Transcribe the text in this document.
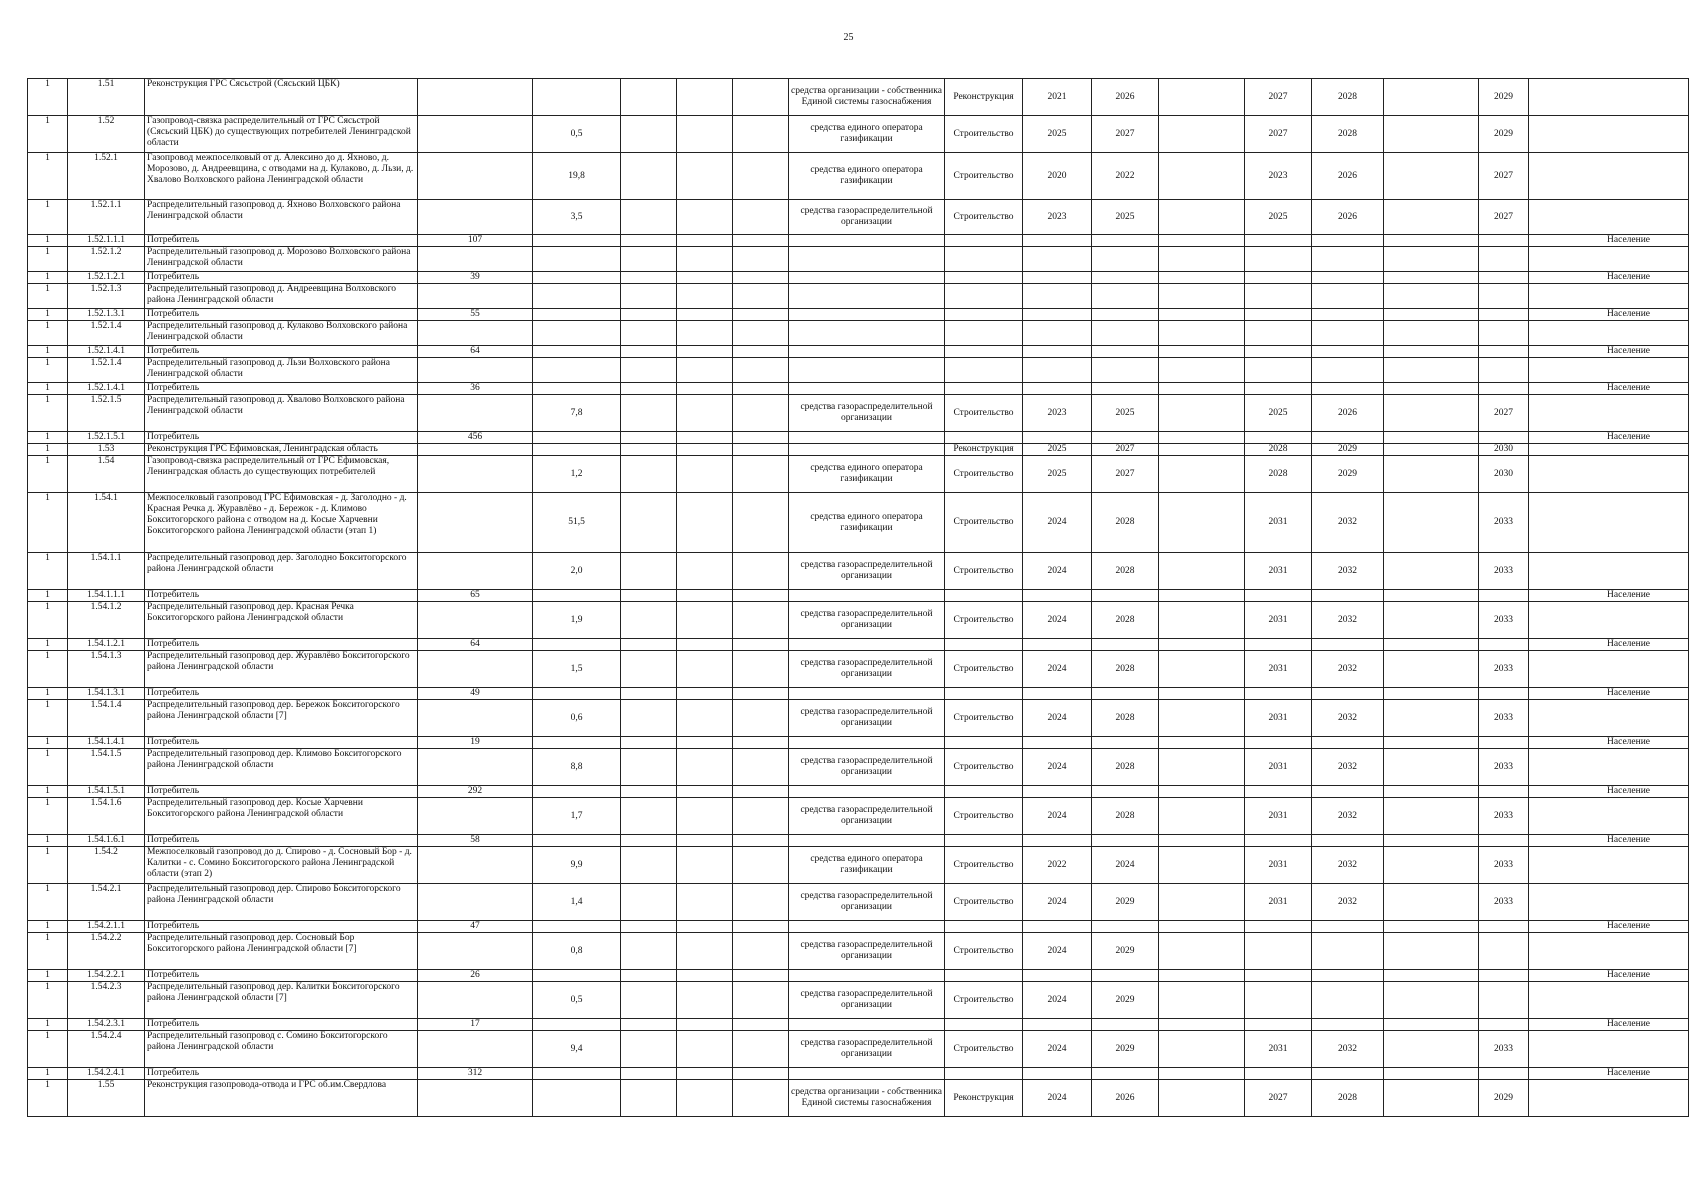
25
1	1.51	Реконструкция ГРС Сясьстрой (Сясьский ЦБК)						средства организации - собственника Единой системы газоснабжения	Реконструкция	2021	2026		2027	2028		2029	
1	1.52	Газопровод-связка распределительный от ГРС Сясьстрой (Сясьский ЦБК) до существующих потребителей Ленинградской области		0,5				средства единого оператора газификации	Строительство	2025	2027		2027	2028		2029	
1	1.52.1	Газопровод межпоселковый от д. Алексино до д. Яхново, д. Морозово, д. Андреевщина, с отводами на д. Кулаково, д. Льзи, д. Хвалово Волховского района Ленинградской области		19,8				средства единого оператора газификации	Строительство	2020	2022		2023	2026		2027	
1	1.52.1.1	Распределительный газопровод д. Яхново Волховского района Ленинградской области		3,5				средства газораспределительной организации	Строительство	2023	2025		2025	2026		2027	
1	1.52.1.1.1	Потребитель	107														Население
1	1.52.1.2	Распределительный газопровод д. Морозово Волховского района Ленинградской области															
1	1.52.1.2.1	Потребитель	39														Население
1	1.52.1.3	Распределительный газопровод д. Андреевщина Волховского района Ленинградской области															
1	1.52.1.3.1	Потребитель	55														Население
1	1.52.1.4	Распределительный газопровод д. Кулаково Волховского района Ленинградской области															
1	1.52.1.4.1	Потребитель	64														Население
1	1.52.1.4	Распределительный газопровод д. Льзи Волховского района Ленинградской области															
1	1.52.1.4.1	Потребитель	36														Население
1	1.52.1.5	Распределительный газопровод д. Хвалово Волховского района Ленинградской области		7,8				средства газораспределительной организации	Строительство	2023	2025		2025	2026		2027	
1	1.52.1.5.1	Потребитель	456														Население
1	1.53	Реконструкция ГРС Ефимовская, Ленинградская область							Реконструкция	2025	2027		2028	2029		2030	
1	1.54	Газопровод-связка распределительный от ГРС Ефимовская, Ленинградская область до существующих потребителей		1,2				средства единого оператора газификации	Строительство	2025	2027		2028	2029		2030	
1	1.54.1	Межпоселковый газопровод ГРС Ефимовская - д. Заголодно - д. Красная Речка д. Журавлёво - д. Бережок - д. Климово Бокситогорского района с отводом на д. Косые Харчевни Бокситогорского района Ленинградской области (этап 1)		51,5				средства единого оператора газификации	Строительство	2024	2028		2031	2032		2033	
1	1.54.1.1	Распределительный газопровод дер. Заголодно Бокситогорского района Ленинградской области		2,0				средства газораспределительной организации	Строительство	2024	2028		2031	2032		2033	
1	1.54.1.1.1	Потребитель	65														Население
1	1.54.1.2	Распределительный газопровод дер. Красная Речка Бокситогорского района Ленинградской области		1,9				средства газораспределительной организации	Строительство	2024	2028		2031	2032		2033	
1	1.54.1.2.1	Потребитель	64														Население
1	1.54.1.3	Распределительный газопровод дер. Журавлёво Бокситогорского района Ленинградской области		1,5				средства газораспределительной организации	Строительство	2024	2028		2031	2032		2033	
1	1.54.1.3.1	Потребитель	49														Население
1	1.54.1.4	Распределительный газопровод дер. Бережок Бокситогорского района Ленинградской области [7]		0,6				средства газораспределительной организации	Строительство	2024	2028		2031	2032		2033	
1	1.54.1.4.1	Потребитель	19														Население
1	1.54.1.5	Распределительный газопровод дер. Климово Бокситогорского района Ленинградской области		8,8				средства газораспределительной организации	Строительство	2024	2028		2031	2032		2033	
1	1.54.1.5.1	Потребитель	292														Население
1	1.54.1.6	Распределительный газопровод дер. Косые Харчевни Бокситогорского района Ленинградской области		1,7				средства газораспределительной организации	Строительство	2024	2028		2031	2032		2033	
1	1.54.1.6.1	Потребитель	58														Население
1	1.54.2	Межпоселковый газопровод до д. Спирово - д. Сосновый Бор - д. Калитки - с. Сомино Бокситогорского района Ленинградской области (этап 2)		9,9				средства единого оператора газификации	Строительство	2022	2024		2031	2032		2033	
1	1.54.2.1	Распределительный газопровод дер. Спирово Бокситогорского района Ленинградской области		1,4				средства газораспределительной организации	Строительство	2024	2029		2031	2032		2033	
1	1.54.2.1.1	Потребитель	47														Население
1	1.54.2.2	Распределительный газопровод дер. Сосновый Бор Бокситогорского района Ленинградской области [7]		0,8				средства газораспределительной организации	Строительство	2024	2029						
1	1.54.2.2.1	Потребитель	26														Население
1	1.54.2.3	Распределительный газопровод дер. Калитки Бокситогорского района Ленинградской области [7]		0,5				средства газораспределительной организации	Строительство	2024	2029						
1	1.54.2.3.1	Потребитель	17														Население
1	1.54.2.4	Распределительный газопровод с. Сомино Бокситогорского района Ленинградской области		9,4				средства газораспределительной организации	Строительство	2024	2029		2031	2032		2033	
1	1.54.2.4.1	Потребитель	312														Население
1	1.55	Реконструкция газопровода-отвода и ГРС об.им.Свердлова						средства организации - собственника Единой системы газоснабжения	Реконструкция	2024	2026		2027	2028		2029	
